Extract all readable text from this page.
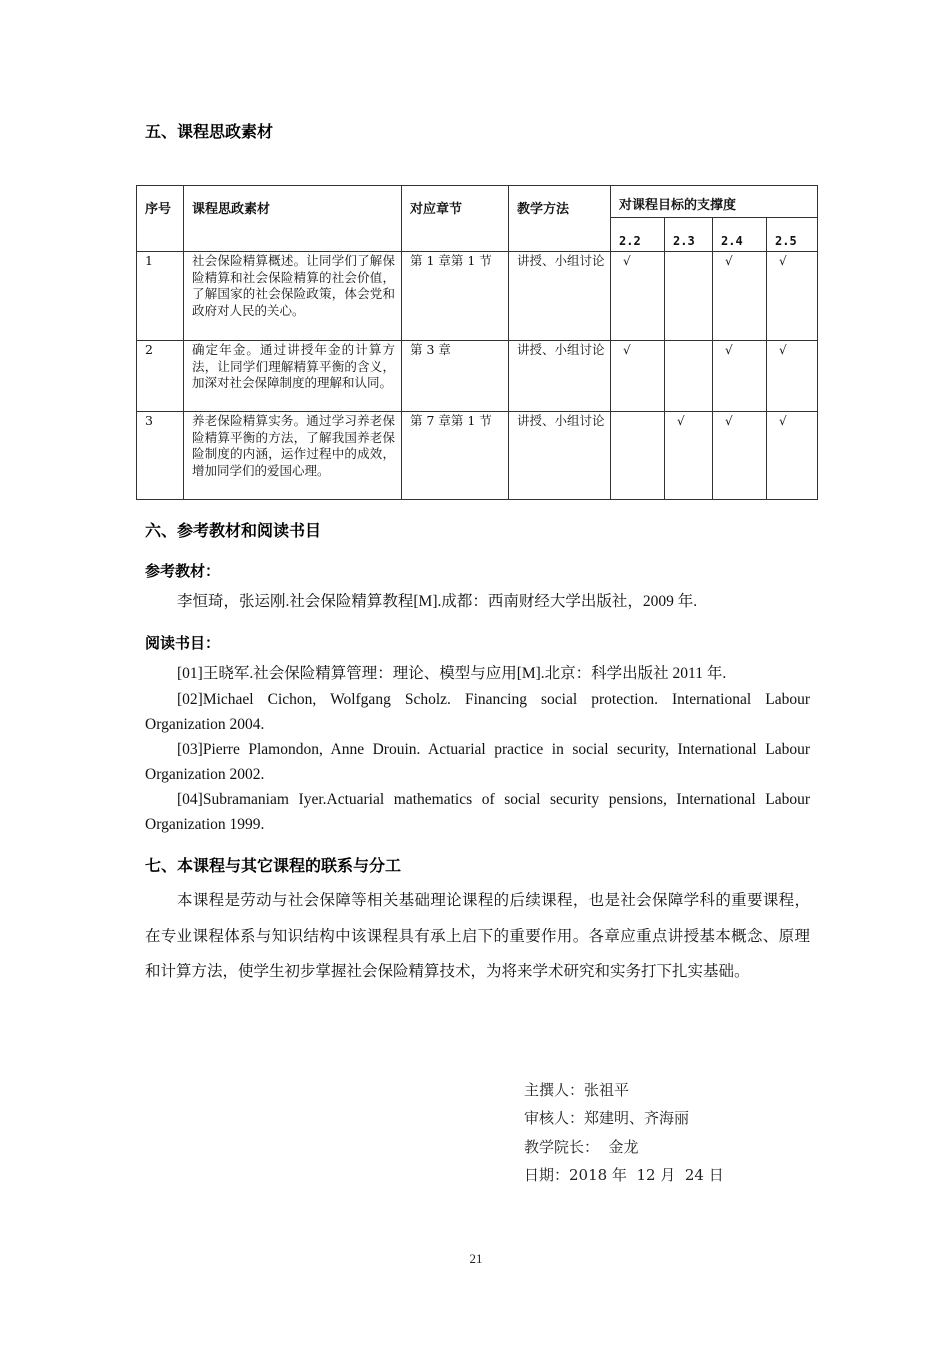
五、课程思政素材
序号	课程思政素材	对应章节	教学方法	对课程目标的支撑度			
				2.2	2.3	2.4	2.5
1	社会保险精算概述。让同学们了解保险精算和社会保险精算的社会价值，了解国家的社会保险政策，体会党和政府对人民的关心。	第 1 章第 1 节	讲授、小组讨论	√		√	√
2	确定年金。通过讲授年金的计算方法，让同学们理解精算平衡的含义，加深对社会保障制度的理解和认同。	第 3 章	讲授、小组讨论	√		√	√
3	养老保险精算实务。通过学习养老保险精算平衡的方法，了解我国养老保险制度的内涵，运作过程中的成效，增加同学们的爱国心理。	第 7 章第 1 节	讲授、小组讨论		√	√	√
六、参考教材和阅读书目
参考教材：
李恒琦，张运刚.社会保险精算教程[M].成都：西南财经大学出版社，2009 年.
阅读书目：
[01]王晓军.社会保险精算管理：理论、模型与应用[M].北京：科学出版社 2011 年.
[02]Michael Cichon, Wolfgang Scholz. Financing social protection. International Labour Organization 2004.
[03]Pierre Plamondon, Anne Drouin. Actuarial practice in social security, International Labour Organization 2002.
[04]Subramaniam Iyer.Actuarial mathematics of social security pensions, International Labour Organization 1999.
七、本课程与其它课程的联系与分工
本课程是劳动与社会保障等相关基础理论课程的后续课程，也是社会保障学科的重要课程，在专业课程体系与知识结构中该课程具有承上启下的重要作用。各章应重点讲授基本概念、原理和计算方法，使学生初步掌握社会保险精算技术，为将来学术研究和实务打下扎实基础。
主撰人：张祖平
审核人：郑建明、齐海丽
教学院长：  金龙
日期：2018 年  12 月  24 日
21
